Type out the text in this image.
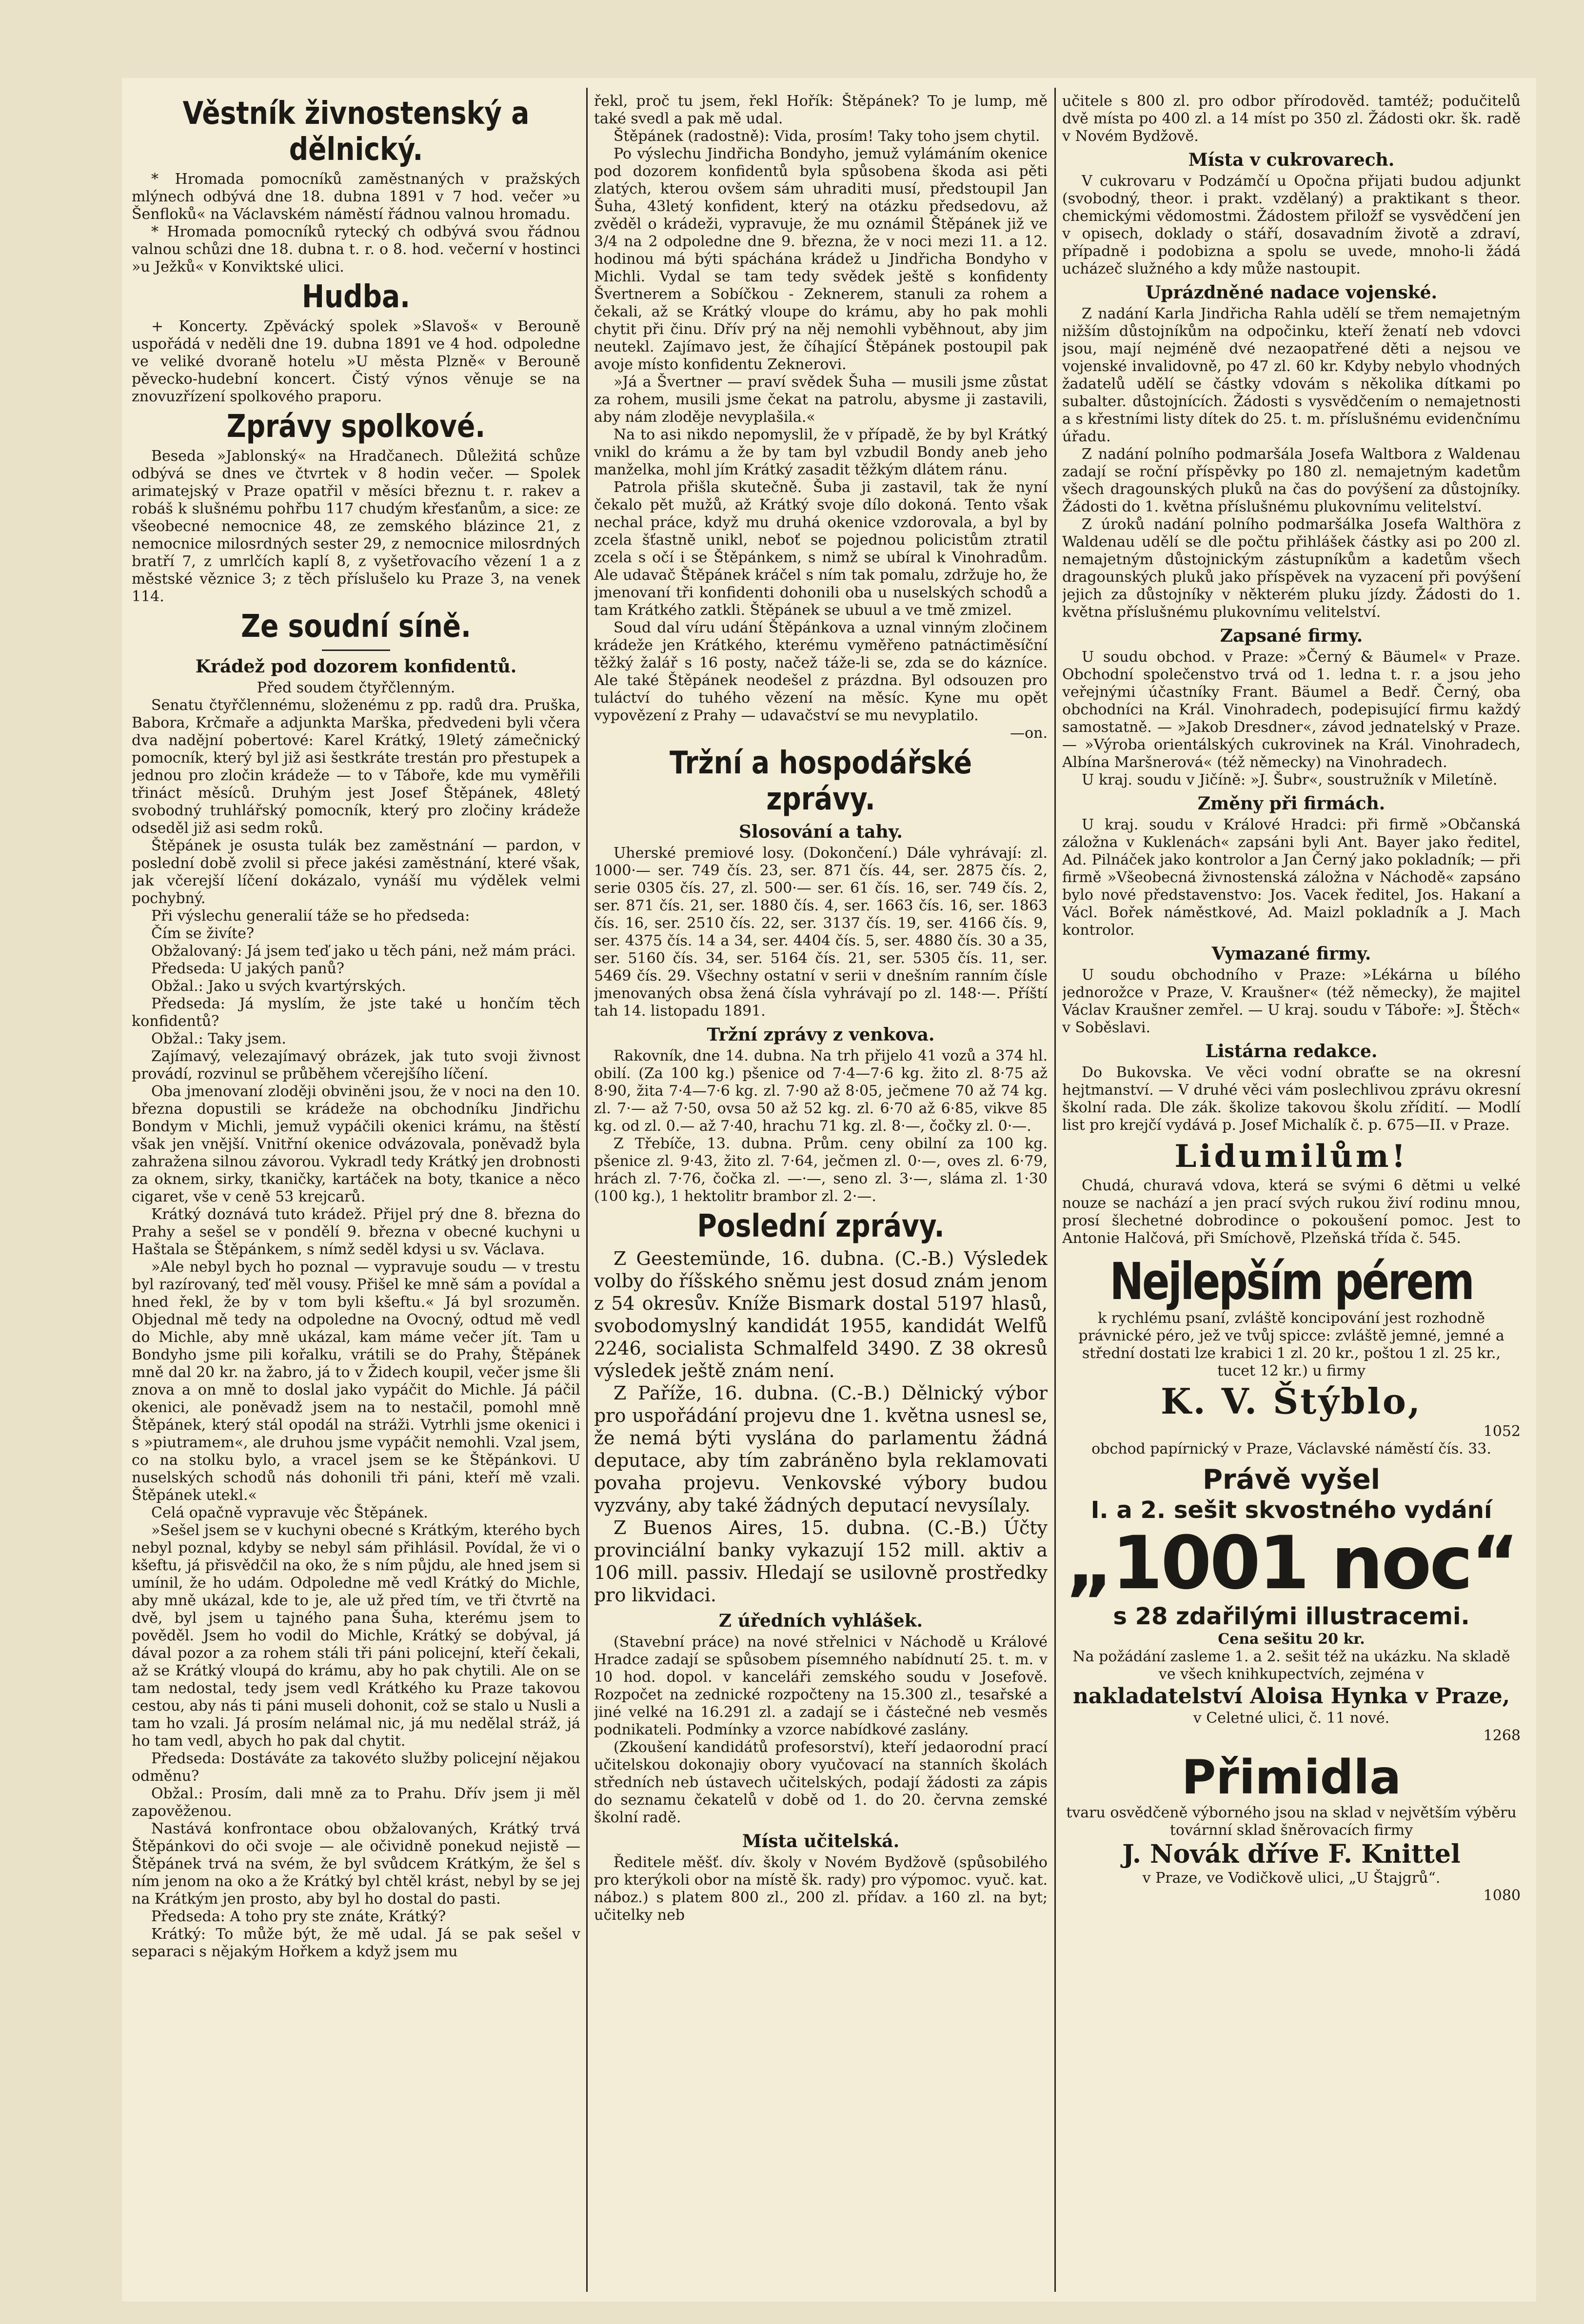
Věstník živnostenský a dělnický.

* Hromada pomocníků zaměstnaných v pražských mlýnech odbývá dne 18. dubna 1891 v 7 hod. večer »u Šenfloků« na Václavském náměstí řádnou valnou hromadu.

* Hromada pomocníků rytecký ch odbývá svou řádnou valnou schůzi dne 18. dubna t. r. o 8. hod. večerní v hostinci »u Ježků« v Konviktské ulici.

Hudba.

+ Koncerty. Zpěvácký spolek »Slavoš« v Berouně uspořádá v neděli dne 19. dubna 1891 ve 4 hod. odpoledne ve veliké dvoraně hotelu »U města Plzně« v Berouně pěvecko-hudební koncert. Čistý výnos věnuje se na znovuzřízení spolkového praporu.

Zprávy spolkové.

Beseda »Jablonský« na Hradčanech. Důležitá schůze odbývá se dnes ve čtvrtek v 8 hodin večer. — Spolek arimatejský v Praze opatřil v měsíci březnu t. r. rakev a robáš k slušnému pohřbu 117 chudým křesťanům, a sice: ze všeobecné nemocnice 48, ze zemského blázince 21, z nemocnice milosrdných sester 29, z nemocnice milosrdných bratří 7, z umrlčích kaplí 8, z vyšetřovacího vězení 1 a z městské věznice 3; z těch příslušelo ku Praze 3, na venek 114.

Ze soudní síně.
Krádež pod dozorem konfidentů.
Před soudem čtyřčlenným.

Senatu čtyřčlennému, složenému z pp. radů dra. Pruška, Babora, Krčmaře a adjunkta Marška, předvedeni byli včera dva nadějní pobertové: Karel Krátký, 19letý zámečnický pomocník, který byl již asi šestkráte trestán pro přestupek a jednou pro zločin krádeže — to v Táboře, kde mu vyměřili třináct měsíců. Druhým jest Josef Štěpánek, 48letý svobodný truhlářský pomocník, který pro zločiny krádeže odseděl již asi sedm roků.

Štěpánek je osusta tulák bez zaměstnání — pardon, v poslední době zvolil si přece jakési zaměstnání, které však, jak včerejší líčení dokázalo, vynáší mu výdělek velmi pochybný.

Při výslechu generalií táže se ho předseda:

Čím se živíte?

Obžalovaný: Já jsem teď jako u těch páni, než mám práci.

Předseda: U jakých panů?

Obžal.: Jako u svých kvartýrských.

Předseda: Já myslím, že jste také u hončím těch konfidentů?

Obžal.: Taky jsem.

Zajímavý, velezajímavý obrázek, jak tuto svoji živnost provádí, rozvinul se průběhem včerejšího líčení.

Oba jmenovaní zloději obviněni jsou, že v noci na den 10. března dopustili se krádeže na obchodníku Jindřichu Bondym v Michli, jemuž vypáčili okenici krámu, na štěstí však jen vnější. Vnitřní okenice odvázovala, poněvadž byla zahražena silnou závorou. Vykradl tedy Krátký jen drobnosti za oknem, sirky, tkaničky, kartáček na boty, tkanice a něco cigaret, vše v ceně 53 krejcarů.

Krátký doznává tuto krádež. Přijel prý dne 8. března do Prahy a sešel se v pondělí 9. března v obecné kuchyni u Haštala se Štěpánkem, s nímž seděl kdysi u sv. Václava.

»Ale nebyl bych ho poznal — vypravuje soudu — v trestu byl razírovaný, teď měl vousy. Přišel ke mně sám a povídal a hned řekl, že by v tom byli kšeftu.« Já byl srozuměn. Objednal mě tedy na odpoledne na Ovocný, odtud mě vedl do Michle, aby mně ukázal, kam máme večer jít. Tam u Bondyho jsme pili kořalku, vrátili se do Prahy, Štěpánek mně dal 20 kr. na žabro, já to v Židech koupil, večer jsme šli znova a on mně to doslal jako vypáčit do Michle. Já páčil okenici, ale poněvadž jsem na to nestačil, pomohl mně Štěpánek, který stál opodál na stráži. Vytrhli jsme okenici i s »piutramem«, ale druhou jsme vypáčit nemohli. Vzal jsem, co na stolku bylo, a vracel jsem se ke Štěpánkovi. U nuselských schodů nás dohonili tři páni, kteří mě vzali. Štěpánek utekl.«

Celá opačně vypravuje věc Štěpánek.

»Sešel jsem se v kuchyni obecné s Krátkým, kterého bych nebyl poznal, kdyby se nebyl sám přihlásil. Povídal, že vi o kšeftu, já přisvědčil na oko, že s ním půjdu, ale hned jsem si umínil, že ho udám. Odpoledne mě vedl Krátký do Michle, aby mně ukázal, kde to je, ale už před tím, ve tři čtvrtě na dvě, byl jsem u tajného pana Šuha, kterému jsem to pověděl. Jsem ho vodil do Michle, Krátký se dobýval, já dával pozor a za rohem stáli tři páni policejní, kteří čekali, až se Krátký vloupá do krámu, aby ho pak chytili. Ale on se tam nedostal, tedy jsem vedl Krátkého ku Praze takovou cestou, aby nás ti páni museli dohonit, což se stalo u Nusli a tam ho vzali. Já prosím nelámal nic, já mu nedělal stráž, já ho tam vedl, abych ho pak dal chytit.

Předseda: Dostáváte za takovéto služby policejní nějakou odměnu?

Obžal.: Prosím, dali mně za to Prahu. Dřív jsem ji měl zapověženou.

Nastává konfrontace obou obžalovaných, Krátký trvá Štěpánkovi do oči svoje — ale očividně ponekud nejistě — Štěpánek trvá na svém, že byl svůdcem Krátkým, že šel s ním jenom na oko a že Krátký byl chtěl krást, nebyl by se jej na Krátkým jen prosto, aby byl ho dostal do pasti.

Předseda: A toho pry ste znáte, Krátký?

Krátký: To může být, že mě udal. Já se pak sešel v separaci s nějakým Hořkem a když jsem mu

řekl, proč tu jsem, řekl Hořík: Štěpánek? To je lump, mě také svedl a pak mě udal.

Štěpánek (radostně): Vida, prosím! Taky toho jsem chytil.

Po výslechu Jindřicha Bondyho, jemuž vylámáním okenice pod dozorem konfidentů byla spůsobena škoda asi pěti zlatých, kterou ovšem sám uhraditi musí, předstoupil Jan Šuha, 43letý konfident, který na otázku předsedovu, až zvěděl o krádeži, vypravuje, že mu oznámil Štěpánek již ve 3/4 na 2 odpoledne dne 9. března, že v noci mezi 11. a 12. hodinou má býti spáchána krádež u Jindřicha Bondyho v Michli. Vydal se tam tedy svědek ještě s konfidenty Švertnerem a Sobíčkou - Zeknerem, stanuli za rohem a čekali, až se Krátký vloupe do krámu, aby ho pak mohli chytit při činu. Dřív prý na něj nemohli vyběhnout, aby jim neutekl. Zajímavo jest, že číhající Štěpánek postoupil pak avoje místo konfidentu Zeknerovi.

»Já a Švertner — praví svědek Šuha — musili jsme zůstat za rohem, musili jsme čekat na patrolu, abysme ji zastavili, aby nám zloděje nevyplašila.«

Na to asi nikdo nepomyslil, že v případě, že by byl Krátký vnikl do krámu a že by tam byl vzbudil Bondy aneb jeho manželka, mohl jím Krátký zasadit těžkým dlátem ránu.

Patrola přišla skutečně. Šuba ji zastavil, tak že nyní čekalo pět mužů, až Krátký svoje dílo dokoná. Tento však nechal práce, když mu druhá okenice vzdorovala, a byl by zcela šťastně unikl, neboť se pojednou policistům ztratil zcela s očí i se Štěpánkem, s nimž se ubíral k Vinohradům. Ale udavač Štěpánek kráčel s ním tak pomalu, zdržuje ho, že jmenovaní tři konfidenti dohonili oba u nuselských schodů a tam Krátkého zatkli. Štěpánek se ubuul a ve tmě zmizel.

Soud dal víru udání Štěpánkova a uznal vinným zločinem krádeže jen Krátkého, kterému vyměřeno patnáctiměsíční těžký žalář s 16 posty, načež táže-li se, zda se do kázníce. Ale také Štěpánek neodešel z prázdna. Byl odsouzen pro tuláctví do tuhého vězení na měsíc. Kyne mu opět vypovězení z Prahy — udavačství se mu nevyplatilo.

—on.
Tržní a hospodářské zprávy.
Slosování a tahy.

Uherské premiové losy. (Dokončení.) Dále vyhrávají: zl. 1000·— ser. 749 čís. 23, ser. 871 čís. 44, ser. 2875 čís. 2, serie 0305 čís. 27, zl. 500·— ser. 61 čís. 16, ser. 749 čís. 2, ser. 871 čís. 21, ser. 1880 čís. 4, ser. 1663 čís. 16, ser. 1863 čís. 16, ser. 2510 čís. 22, ser. 3137 čís. 19, ser. 4166 čís. 9, ser. 4375 čís. 14 a 34, ser. 4404 čís. 5, ser. 4880 čís. 30 a 35, ser. 5160 čís. 34, ser. 5164 čís. 21, ser. 5305 čís. 11, ser. 5469 čís. 29. Všechny ostatní v serii v dnešním ranním čísle jmenovaných obsa žená čísla vyhrávají po zl. 148·—. Příští tah 14. listopadu 1891.

Tržní zprávy z venkova.

Rakovník, dne 14. dubna. Na trh přijelo 41 vozů a 374 hl. obilí. (Za 100 kg.) pšenice od 7·4—7·6 kg. žito zl. 8·75 až 8·90, žita 7·4—7·6 kg. zl. 7·90 až 8·05, ječmene 70 až 74 kg. zl. 7·— až 7·50, ovsa 50 až 52 kg. zl. 6·70 až 6·85, vikve 85 kg. od zl. 0.— až 7·40, hrachu 71 kg. zl. 8·—, čočky zl. 0·—.

Z Třebíče, 13. dubna. Prům. ceny obilní za 100 kg. pšenice zl. 9·43, žito zl. 7·64, ječmen zl. 0·—, oves zl. 6·79, hrách zl. 7·76, čočka zl. —·—, seno zl. 3·—, sláma zl. 1·30 (100 kg.), 1 hektolitr brambor zl. 2·—.

Poslední zprávy.

Z Geestemünde, 16. dubna. (C.-B.) Výsledek volby do říšského sněmu jest dosud znám jenom z 54 okresův. Kníže Bismark dostal 5197 hlasů, svobodomyslný kandidát 1955, kandidát Welfů 2246, socialista Schmalfeld 3490. Z 38 okresů výsledek ještě znám není.

Z Paříže, 16. dubna. (C.-B.) Dělnický výbor pro uspořádání projevu dne 1. května usnesl se, že nemá býti vyslána do parlamentu žádná deputace, aby tím zabráněno byla reklamovati povaha projevu. Venkovské výbory budou vyzvány, aby také žádných deputací nevysílaly.

Z Buenos Aires, 15. dubna. (C.-B.) Účty provinciální banky vykazují 152 mill. aktiv a 106 mill. passiv. Hledají se usilovně prostředky pro likvidaci.

Z úředních vyhlášek.

(Stavební práce) na nové střelnici v Náchodě u Králové Hradce zadají se spůsobem písemného nabídnutí 25. t. m. v 10 hod. dopol. v kanceláři zemského soudu v Josefově. Rozpočet na zednické rozpočteny na 15.300 zl., tesařské a jiné velké na 16.291 zl. a zadají se i částečné neb vesměs podnikateli. Podmínky a vzorce nabídkové zaslány.

(Zkoušení kandidátů profesorství), kteří jedaorodní prací učitelskou dokonajiy obory vyučovací na stanních školách středních neb ústavech učitelských, podají žádosti za zápis do seznamu čekatelů v době od 1. do 20. června zemské školní radě.

Místa učitelská.

Ředitele měšť. dív. školy v Novém Bydžově (spůsobilého pro kterýkoli obor na místě šk. rady) pro výpomoc. vyuč. kat. náboz.) s platem 800 zl., 200 zl. přídav. a 160 zl. na byt; učitelky neb

učitele s 800 zl. pro odbor přírodověd. tamtéž; podučitelů dvě místa po 400 zl. a 14 míst po 350 zl. Žádosti okr. šk. radě v Novém Bydžově.

Místa v cukrovarech.

V cukrovaru v Podzámčí u Opočna přijati budou adjunkt (svobodný, theor. i prakt. vzdělaný) a praktikant s theor. chemickými vědomostmi. Žádostem přiložf se vysvědčení jen v opisech, doklady o stáří, dosavadním životě a zdraví, případně i podobizna a spolu se uvede, mnoho-li žádá ucházeč služného a kdy může nastoupit.

Uprázdněné nadace vojenské.

Z nadání Karla Jindřicha Rahla udělí se třem nemajetným nižším důstojníkům na odpočinku, kteří ženatí neb vdovci jsou, mají nejméně dvé nezaopatřené děti a nejsou ve vojenské invalidovně, po 47 zl. 60 kr. Kdyby nebylo vhodných žadatelů udělí se částky vdovám s několika dítkami po subalter. důstojnících. Žádosti s vysvědčením o nemajetnosti a s křestními listy dítek do 25. t. m. příslušnému evidenčnímu úřadu.

Z nadání polního podmaršála Josefa Waltbora z Waldenau zadají se roční příspěvky po 180 zl. nemajetným kadetům všech dragounských pluků na čas do povýšení za důstojníky. Žádosti do 1. května příslušnému plukovnímu velitelství.

Z úroků nadání polního podmaršálka Josefa Walthöra z Waldenau udělí se dle počtu přihlášek částky asi po 200 zl. nemajetným důstojnickým zástupníkům a kadetům všech dragounských pluků jako příspěvek na vyzacení při povýšení jejich za důstojníky v některém pluku jízdy. Žádosti do 1. května příslušnému plukovnímu velitelství.

Zapsané firmy.

U soudu obchod. v Praze: »Černý & Bäumel« v Praze. Obchodní společenstvo trvá od 1. ledna t. r. a jsou jeho veřejnými účastníky Frant. Bäumel a Bedř. Černý, oba obchodníci na Král. Vinohradech, podepisující firmu každý samostatně. — »Jakob Dresdner«, závod jednatelský v Praze. — »Výroba orientálských cukrovinek na Král. Vinohradech, Albína Maršnerová« (též německy) na Vinohradech.

U kraj. soudu v Jičíně: »J. Šubr«, soustružník v Miletíně.

Změny při firmách.

U kraj. soudu v Králové Hradci: při firmě »Občanská záložna v Kuklenách« zapsáni byli Ant. Bayer jako ředitel, Ad. Pilnáček jako kontrolor a Jan Černý jako pokladník; — při firmě »Všeobecná živnostenská záložna v Náchodě« zapsáno bylo nové představenstvo: Jos. Vacek ředitel, Jos. Hakaní a Václ. Bořek náměstkové, Ad. Maizl pokladník a J. Mach kontrolor.

Vymazané firmy.

U soudu obchodního v Praze: »Lékárna u bílého jednorožce v Praze, V. Kraušner« (též německy), že majitel Václav Kraušner zemřel. — U kraj. soudu v Táboře: »J. Štěch« v Soběslavi.

Listárna redakce.

Do Bukovska. Ve věci vodní obraťte se na okresní hejtmanství. — V druhé věci vám poslechlivou zprávu okresní školní rada. Dle zák. školize takovou školu zřídití. — Modlí list pro krejčí vydává p. Josef Michalík č. p. 675—II. v Praze.

Lidumilům!

Chudá, churavá vdova, která se svými 6 dětmi u velké nouze se nachází a jen prací svých rukou živí rodinu mnou, prosí šlechetné dobrodince o pokoušení pomoc. Jest to Antonie Halčová, při Smíchově, Plzeňská třída č. 545.

Nejlepším pérem

k rychlému psaní, zvláště koncipování jest rozhodně právnické péro, jež ve tvůj spicce: zvláště jemné, jemné a střední dostati lze krabici 1 zl. 20 kr., poštou 1 zl. 25 kr., tucet 12 kr.) u firmy

K. V. Štýblo,
1052

obchod papírnický v Praze, Václavské náměstí čís. 33.

Právě vyšel
I. a 2. sešit skvostného vydání
„1001 noc“
s 28 zdařilými illustracemi.
Cena sešitu 20 kr.

Na požádání zasleme 1. a 2. sešit též na ukázku. Na skladě ve všech knihkupectvích, zejména v

nakladatelství Aloisa Hynka v Praze,
v Celetné ulici, č. 11 nové.
1268
Přimidla

tvaru osvědčeně výborného jsou na sklad v největším výběru továrnní sklad šněrovacích firmy

J. Novák dříve F. Knittel
v Praze, ve Vodičkově ulici, „U Štajgrů“.
1080
